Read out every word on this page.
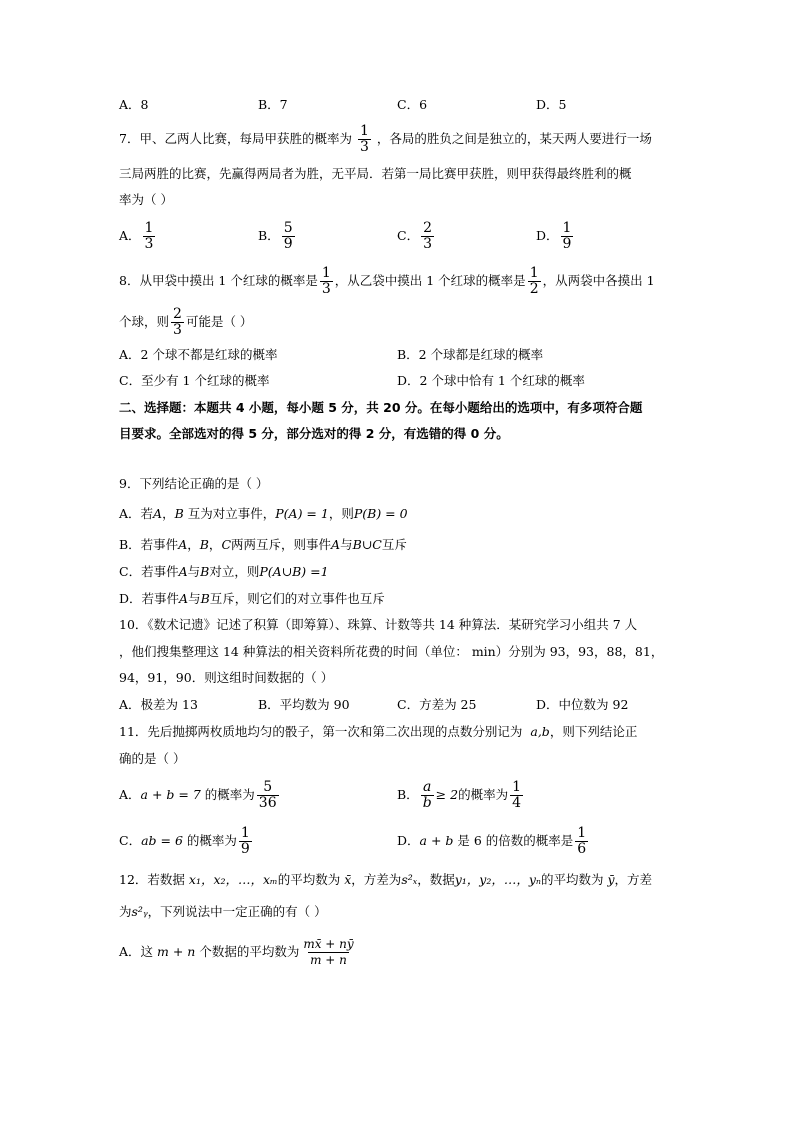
A．8	B．7	C．6	D．5
7．甲、乙两人比赛，每局甲获胜的概率为 $\frac{1}{3}$ ，各局的胜负之间是独立的，某天两人要进行一场
三局两胜的比赛，先赢得两局者为胜，无平局．若第一局比赛甲获胜，则甲获得最终胜利的概
率为（ ）
A． $\frac{1}{3}$	B． $\frac{5}{9}$	C． $\frac{2}{3}$	D． $\frac{1}{9}$
8．从甲袋中摸出 1 个红球的概率是 $\frac{1}{3}$ ，从乙袋中摸出 1 个红球的概率是 $\frac{1}{2}$ ，从两袋中各摸出 1
个球，则 $\frac{2}{3}$ 可能是（ ）
A．2 个球不都是红球的概率	B．2 个球都是红球的概率
C．至少有 1 个红球的概率	D．2 个球中恰有 1 个红球的概率
二、选择题：本题共 4 小题，每小题 5 分，共 20 分。在每小题给出的选项中，有多项符合题
目要求。全部选对的得 5 分，部分选对的得 2 分，有选错的得 0 分。
9．下列结论正确的是（ ）
A．若A，B 互为对立事件，P(A) = 1，则P(B) = 0
B．若事件A，B，C两两互斥，则事件A与B∪C互斥
C．若事件A与B对立，则P(A∪B) =1
D．若事件A与B互斥，则它们的对立事件也互斥
10．《数术记遗》记述了积算（即筹算）、珠算、计数等共 14 种算法．某研究学习小组共 7 人
，他们搜集整理这 14 种算法的相关资料所花费的时间（单位： min）分别为 93，93，88，81，
94，91，90．则这组时间数据的（ ）
A．极差为 13	B．平均数为 90	C．方差为 25	D．中位数为 92
11．先后抛掷两枚质地均匀的骰子，第一次和第二次出现的点数分别记为 a,b，则下列结论正
确的是（ ）
A．a + b = 7 的概率为 $\frac{5}{36}$	B． $\frac{a}{b} \ge 2$的概率为 $\frac{1}{4}$
C．ab = 6 的概率为 $\frac{1}{9}$	D．a + b 是 6 的倍数的概率是 $\frac{1}{6}$
12．若数据 x₁，x₂，…，xₘ的平均数为 x̄，方差为s²ₓ，数据y₁，y₂，…，yₙ的平均数为 ȳ，方差
为s²ᵧ，下列说法中一定正确的有（ ）
A．这 m + n 个数据的平均数为 $\frac{mx̄ + nȳ}{m + n}$
